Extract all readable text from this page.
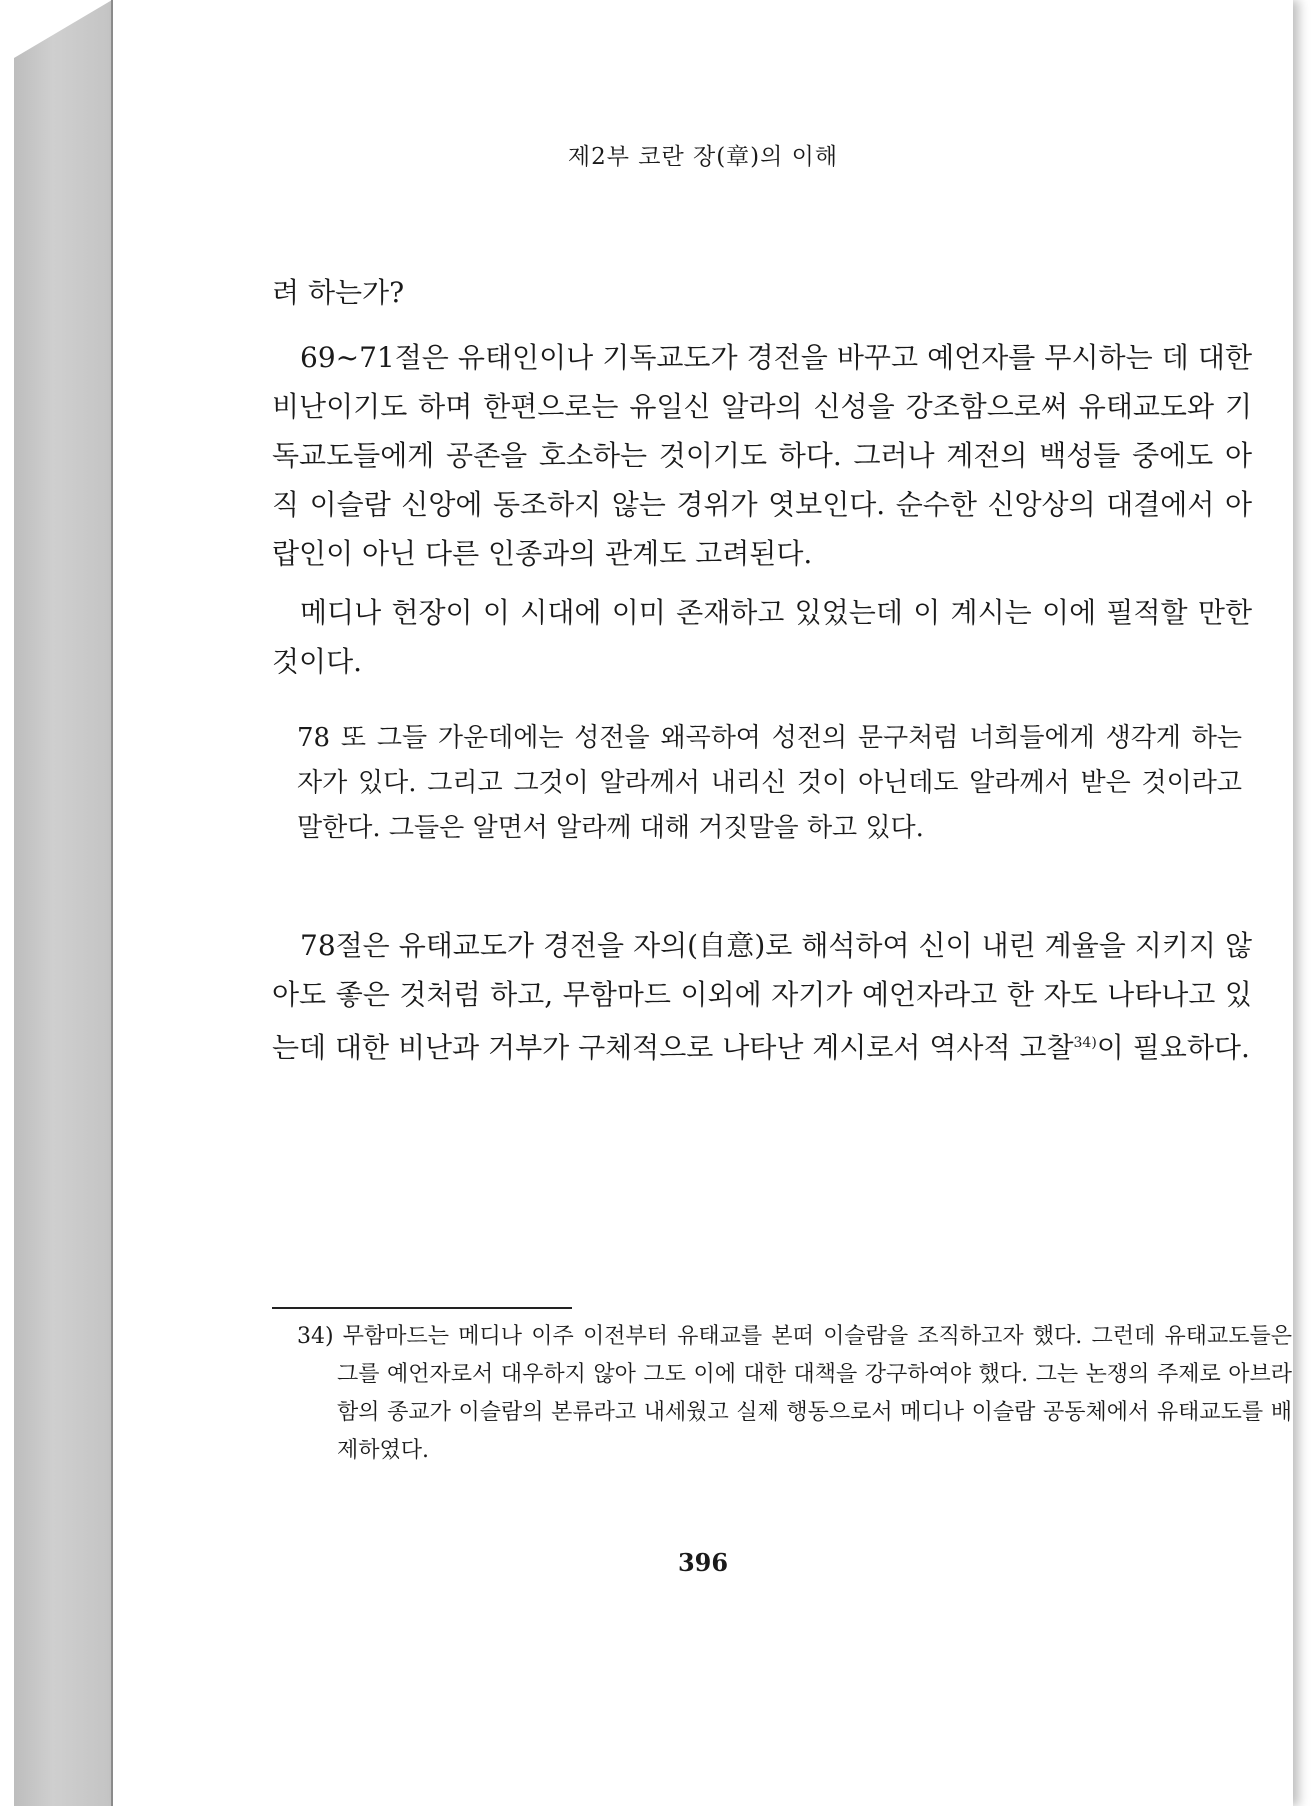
제2부 코란 장(章)의 이해

려 하는가?

69~71절은 유태인이나 기독교도가 경전을 바꾸고 예언자를 무시하는 데 대한 비난이기도 하며 한편으로는 유일신 알라의 신성을 강조함으로써 유태교도와 기독교도들에게 공존을 호소하는 것이기도 하다. 그러나 계전의 백성들 중에도 아직 이슬람 신앙에 동조하지 않는 경위가 엿보인다. 순수한 신앙상의 대결에서 아랍인이 아닌 다른 인종과의 관계도 고려된다.

메디나 헌장이 이 시대에 이미 존재하고 있었는데 이 계시는 이에 필적할 만한 것이다.

78 또 그들 가운데에는 성전을 왜곡하여 성전의 문구처럼 너희들에게 생각게 하는 자가 있다. 그리고 그것이 알라께서 내리신 것이 아닌데도 알라께서 받은 것이라고 말한다. 그들은 알면서 알라께 대해 거짓말을 하고 있다.

78절은 유태교도가 경전을 자의(自意)로 해석하여 신이 내린 계율을 지키지 않아도 좋은 것처럼 하고, 무함마드 이외에 자기가 예언자라고 한 자도 나타나고 있는데 대한 비난과 거부가 구체적으로 나타난 계시로서 역사적 고찰$^{34)}$이 필요하다.

34) 무함마드는 메디나 이주 이전부터 유태교를 본떠 이슬람을 조직하고자 했다. 그런데 유태교도들은 그를 예언자로서 대우하지 않아 그도 이에 대한 대책을 강구하여야 했다. 그는 논쟁의 주제로 아브라함의 종교가 이슬람의 본류라고 내세웠고 실제 행동으로서 메디나 이슬람 공동체에서 유태교도를 배제하였다.

396
